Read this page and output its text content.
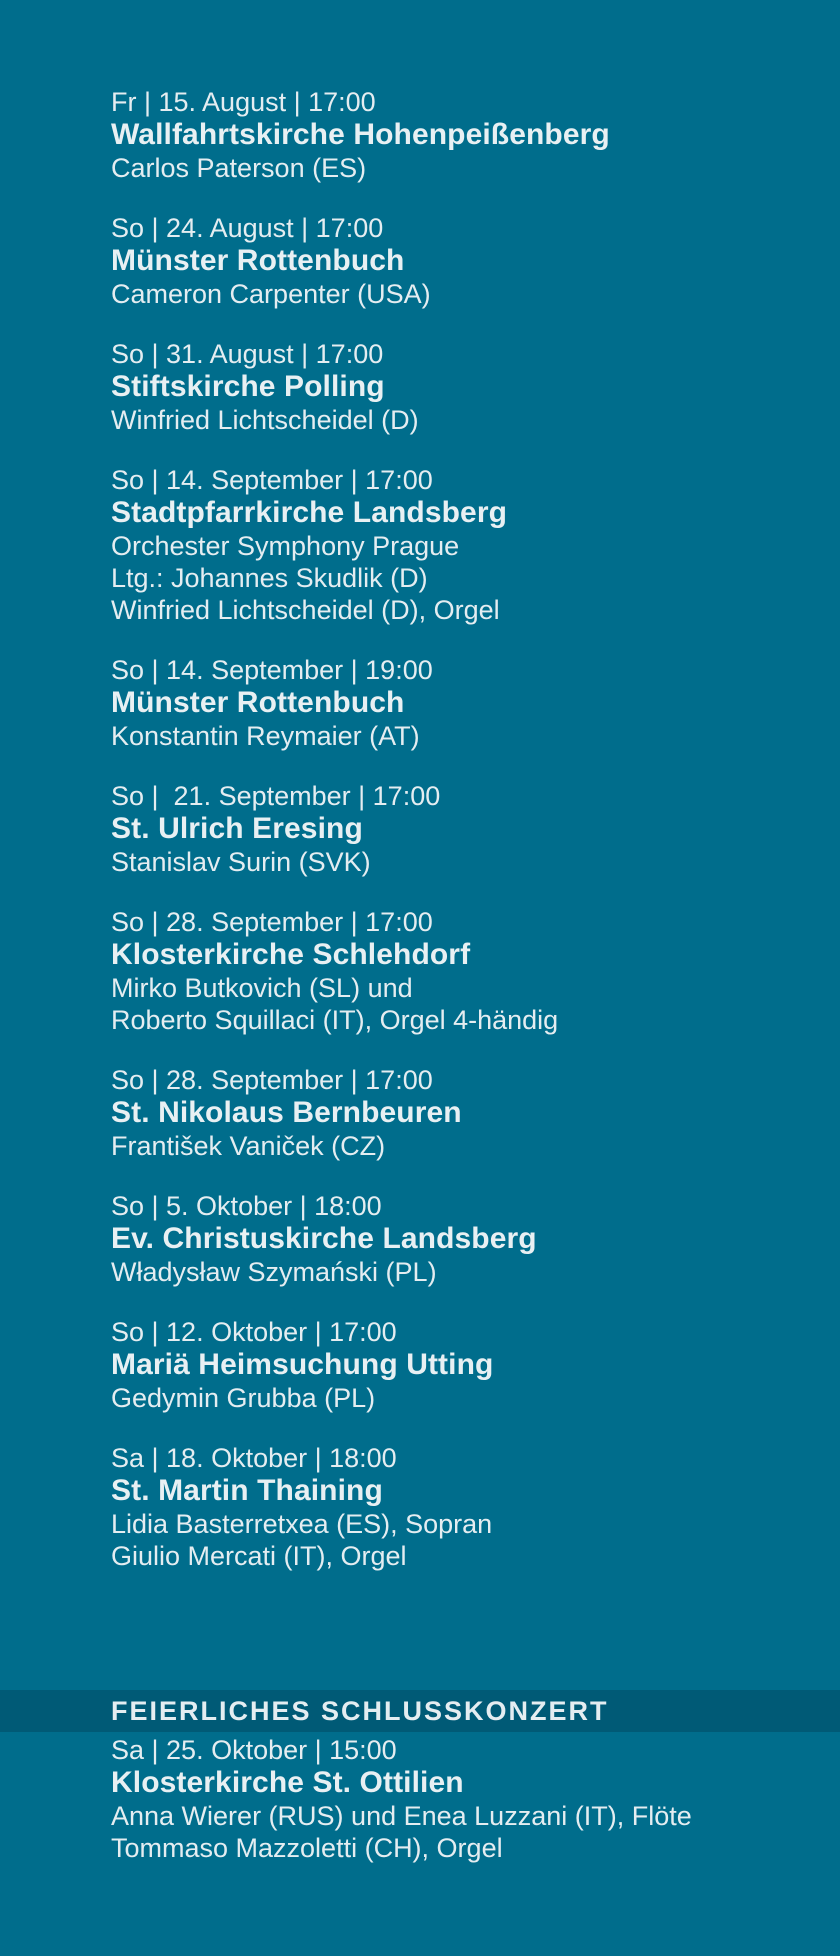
Fr | 15. August | 17:00
Wallfahrtskirche Hohenpeißenberg
Carlos Paterson (ES)
So | 24. August | 17:00
Münster Rottenbuch
Cameron Carpenter (USA)
So | 31. August | 17:00
Stiftskirche Polling
Winfried Lichtscheidel (D)
So | 14. September | 17:00
Stadtpfarrkirche Landsberg
Orchester Symphony Prague
Ltg.: Johannes Skudlik (D)
Winfried Lichtscheidel (D), Orgel
So | 14. September | 19:00
Münster Rottenbuch
Konstantin Reymaier (AT)
So |  21. September | 17:00
St. Ulrich Eresing
Stanislav Surin (SVK)
So | 28. September | 17:00
Klosterkirche Schlehdorf
Mirko Butkovich (SL) und
Roberto Squillaci (IT), Orgel 4-händig
So | 28. September | 17:00
St. Nikolaus Bernbeuren
František Vaniček (CZ)
So | 5. Oktober | 18:00
Ev. Christuskirche Landsberg
Władysław Szymański (PL)
So | 12. Oktober | 17:00
Mariä Heimsuchung Utting
Gedymin Grubba (PL)
Sa | 18. Oktober | 18:00
St. Martin Thaining
Lidia Basterretxea (ES), Sopran
Giulio Mercati (IT), Orgel
FEIERLICHES SCHLUSSKONZERT
Sa | 25. Oktober | 15:00
Klosterkirche St. Ottilien
Anna Wierer (RUS) und Enea Luzzani (IT), Flöte
Tommaso Mazzoletti (CH), Orgel
